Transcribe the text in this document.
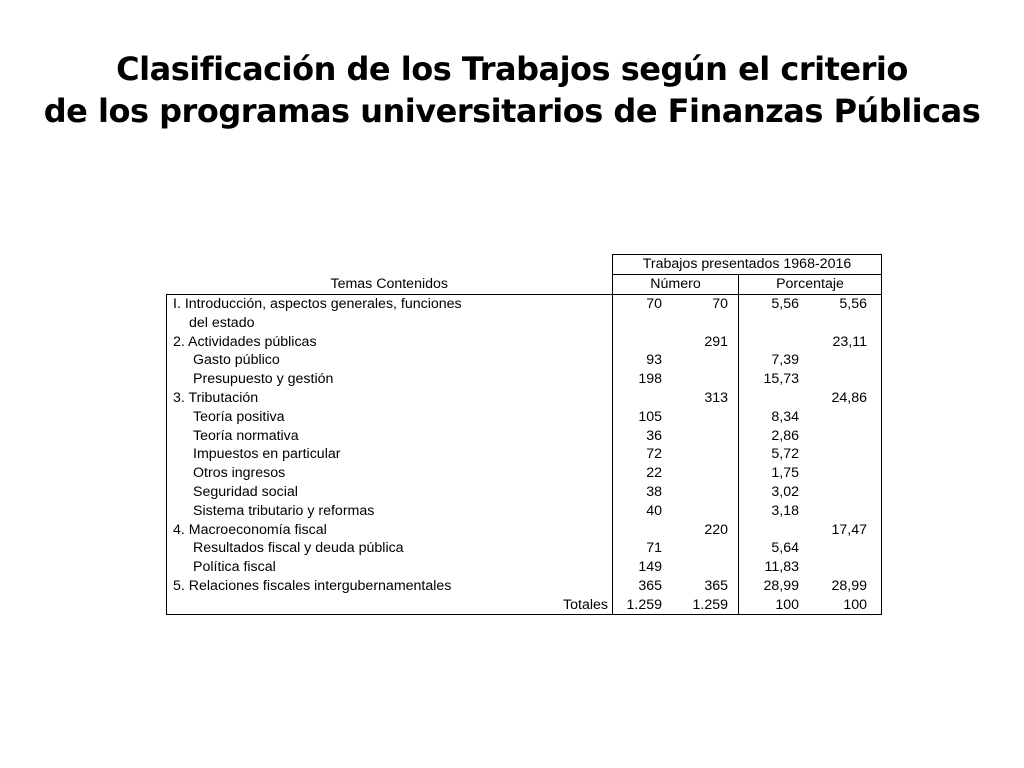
Clasificación de los Trabajos según el criterio
de los programas universitarios de Finanzas Públicas
	Trabajos presentados 1968-2016			
Temas Contenidos	Número		Porcentaje	
I. Introducción, aspectos generales, funciones	70	70	5,56	5,56
del estado				
2. Actividades públicas		291		23,11
Gasto público	93		7,39	
Presupuesto y gestión	198		15,73	
3. Tributación		313		24,86
Teoría positiva	105		8,34	
Teoría normativa	36		2,86	
Impuestos en particular	72		5,72	
Otros ingresos	22		1,75	
Seguridad social	38		3,02	
Sistema tributario y reformas	40		3,18	
4. Macroeconomía fiscal		220		17,47
Resultados fiscal y deuda pública	71		5,64	
Política fiscal	149		11,83	
5. Relaciones fiscales intergubernamentales	365	365	28,99	28,99
Totales	1.259	1.259	100	100
